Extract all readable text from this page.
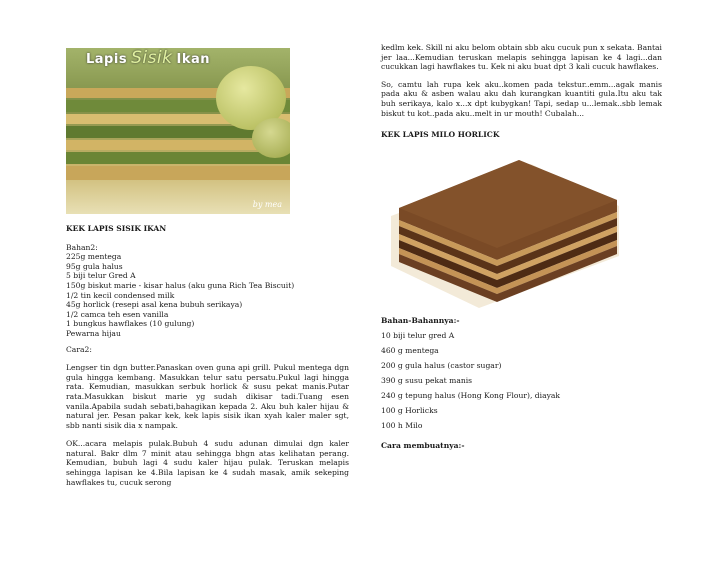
Lapis Sisik Ikan
by mea

KEK LAPIS SISIK IKAN

Bahan2:

225g mentega

95g gula halus

5 biji telur Gred A

150g biskut marie - kisar halus (aku guna Rich Tea Biscuit)

1/2 tin kecil condensed milk

45g horlick (resepi asal kena bubuh serikaya)

1/2 camca teh esen vanilla

1 bungkus hawflakes (10 gulung)

Pewarna hijau

Cara2:

Lengser tin dgn butter.Panaskan oven guna api grill. Pukul mentega dgn gula hingga kembang. Masukkan telur satu persatu.Pukul lagi hingga rata. Kemudian, masukkan serbuk horlick & susu pekat manis.Putar rata.Masukkan biskut marie yg sudah dikisar tadi.Tuang esen vanila.Apabila sudah sebati,bahagikan kepada 2. Aku buh kaler hijau & natural jer. Pesan pakar kek, kek lapis sisik ikan xyah kaler maler sgt, sbb nanti sisik dia x nampak.

OK...acara melapis pulak.Bubuh 4 sudu adunan dimulai dgn kaler natural. Bakr dlm 7 minit atau sehingga bhgn atas kelihatan perang. Kemudian, bubuh lagi 4 sudu kaler hijau pulak. Teruskan melapis sehingga lapisan ke 4.Bila lapisan ke 4 sudah masak, amik sekeping hawflakes tu, cucuk serong

kedlm kek. Skill ni aku belom obtain sbb aku cucuk pun x sekata. Bantai jer laa...Kemudian teruskan melapis sehingga lapisan ke 4 lagi...dan cucukkan lagi hawflakes tu. Kek ni aku buat dpt 3 kali cucuk hawflakes.

So, camtu lah rupa kek aku..komen pada tekstur..emm...agak manis pada aku & asben walau aku dah kurangkan kuantiti gula.Itu aku tak buh serikaya, kalo x...x dpt kubygkan! Tapi, sedap u...lemak..sbb lemak biskut tu kot..pada aku..melt in ur mouth! Cubalah...

KEK LAPIS MILO HORLICK

Bahan-Bahannya:-

10 biji telur gred A

460 g mentega

200 g gula halus (castor sugar)

390 g susu pekat manis

240 g tepung halus (Hong Kong Flour), diayak

100 g Horlicks

100 h Milo

Cara membuatnya:-
